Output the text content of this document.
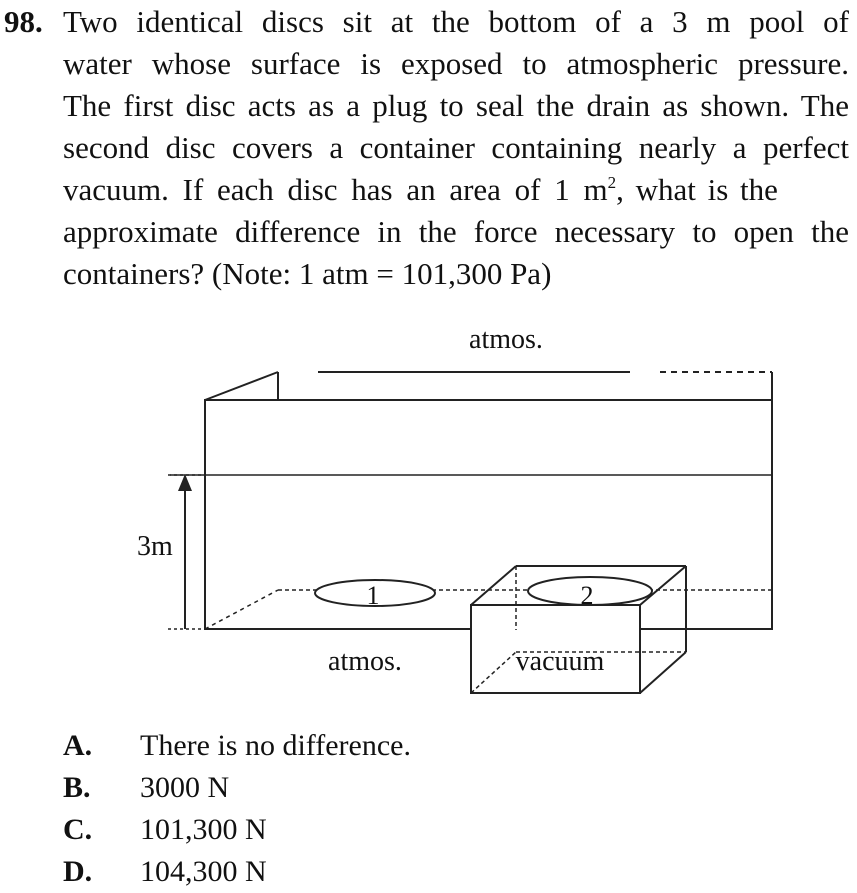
98. Two identical discs sit at the bottom of a 3 m pool of
water whose surface is exposed to atmospheric pressure.
The first disc acts as a plug to seal the drain as shown. The
second disc covers a container containing nearly a perfect
vacuum. If each disc has an area of 1 $m^2$, what is the
approximate difference in the force necessary to open the
containers? (Note: 1 atm = 101,300 Pa)
atmos.
3m
1	2
atmos.	vacuum
A. There is no difference.
B. 3000 N
C. 101,300 N
D. 104,300 N
